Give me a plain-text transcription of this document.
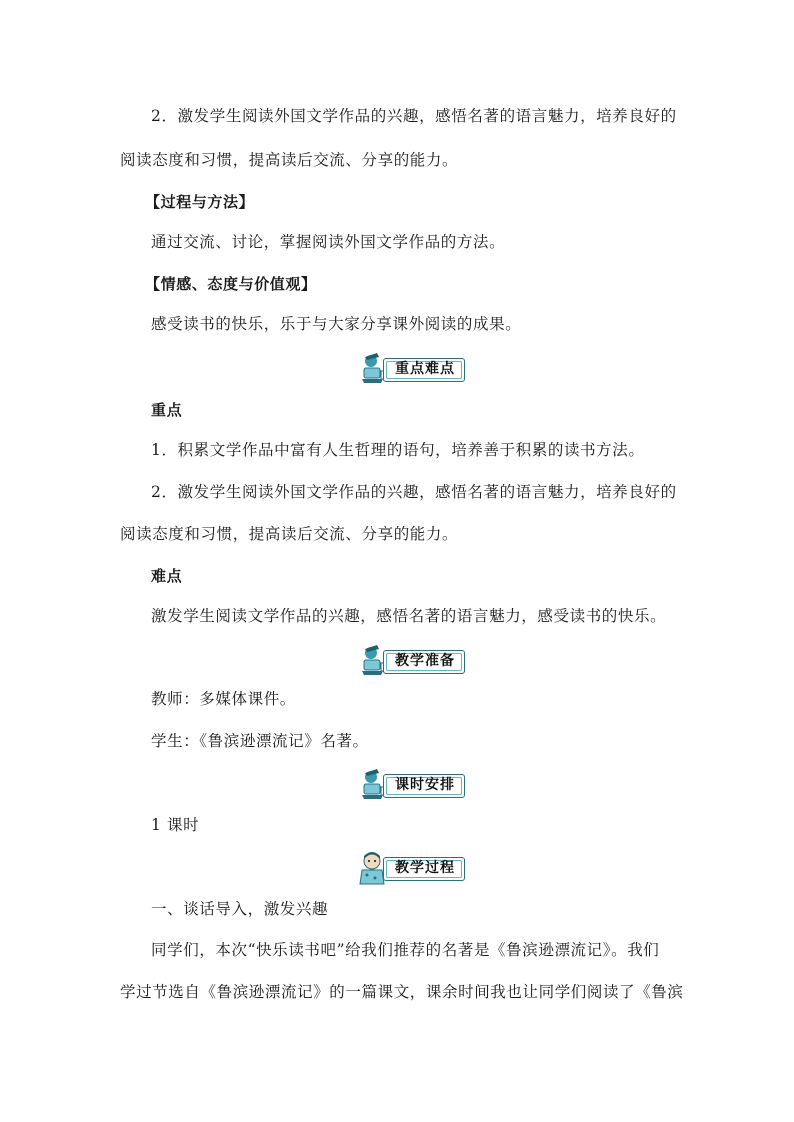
2．激发学生阅读外国文学作品的兴趣，感悟名著的语言魅力，培养良好的
阅读态度和习惯，提高读后交流、分享的能力。
【过程与方法】
通过交流、讨论，掌握阅读外国文学作品的方法。
【情感、态度与价值观】
感受读书的快乐，乐于与大家分享课外阅读的成果。
重点难点
重点
1．积累文学作品中富有人生哲理的语句，培养善于积累的读书方法。
2．激发学生阅读外国文学作品的兴趣，感悟名著的语言魅力，培养良好的
阅读态度和习惯，提高读后交流、分享的能力。
难点
激发学生阅读文学作品的兴趣，感悟名著的语言魅力，感受读书的快乐。
教学准备
教师：多媒体课件。
学生：《鲁滨逊漂流记》名著。
课时安排
1 课时
教学过程
一、谈话导入，激发兴趣
同学们，本次“快乐读书吧”给我们推荐的名著是《鲁滨逊漂流记》。我们
学过节选自《鲁滨逊漂流记》的一篇课文，课余时间我也让同学们阅读了《鲁滨
